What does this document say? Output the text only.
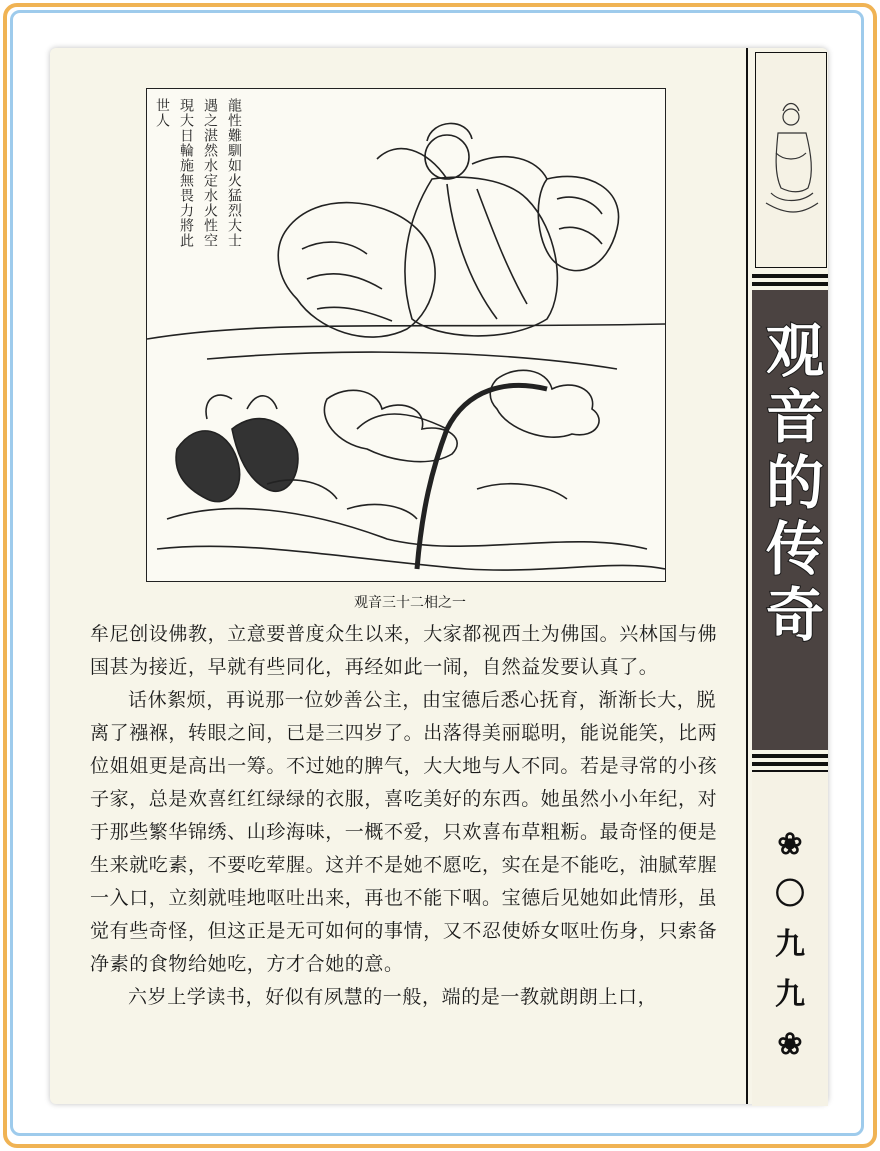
龍性難馴如火猛烈大士
遇之湛然水定水火性空
現大日輪施無畏力將此
世人
观音三十二相之一

牟尼创设佛教，立意要普度众生以来，大家都视西土为佛国。兴林国与佛国甚为接近，早就有些同化，再经如此一闹，自然益发要认真了。

话休絮烦，再说那一位妙善公主，由宝德后悉心抚育，渐渐长大，脱离了襁褓，转眼之间，已是三四岁了。出落得美丽聪明，能说能笑，比两位姐姐更是高出一筹。不过她的脾气，大大地与人不同。若是寻常的小孩子家，总是欢喜红红绿绿的衣服，喜吃美好的东西。她虽然小小年纪，对于那些繁华锦绣、山珍海味，一概不爱，只欢喜布草粗粝。最奇怪的便是生来就吃素，不要吃荤腥。这并不是她不愿吃，实在是不能吃，油腻荤腥一入口，立刻就哇地呕吐出来，再也不能下咽。宝德后见她如此情形，虽觉有些奇怪，但这正是无可如何的事情，又不忍使娇女呕吐伤身，只索备净素的食物给她吃，方才合她的意。

六岁上学读书，好似有夙慧的一般，端的是一教就朗朗上口，

观音的传奇
❀
〇
九
九
❀
